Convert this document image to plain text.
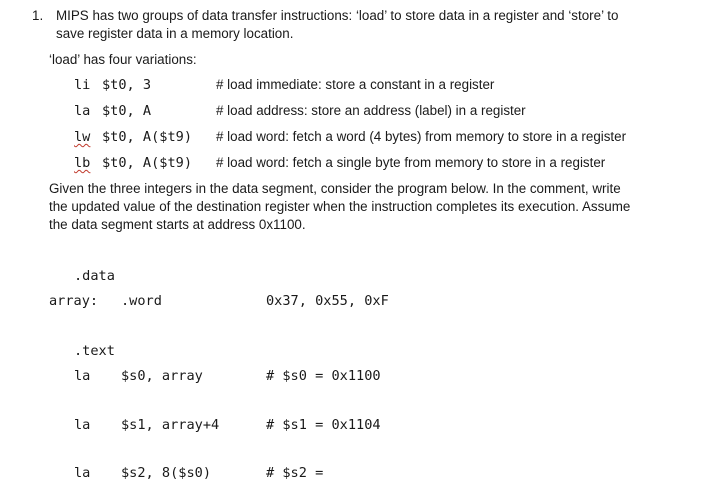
1. MIPS has two groups of data transfer instructions: ‘load’ to store data in a register and ‘store’ to
save register data in a memory location.
‘load’ has four variations:
li $t0, 3	# load immediate: store a constant in a register
la $t0, A	# load address: store an address (label) in a register
lw $t0, A($t9) # load word: fetch a word (4 bytes) from memory to store in a register
lb $t0, A($t9) # load word: fetch a single byte from memory to store in a register
Given the three integers in the data segment, consider the program below. In the comment, write
the updated value of the destination register when the instruction completes its execution. Assume
the data segment starts at address 0x1100.
.data
array: .word	0x37, 0x55, 0xF
.text
la $s0, array	# $s0 = 0x1100
la $s1, array+4	# $s1 = 0x1104
la $s2, 8($s0)	# $s2 =
